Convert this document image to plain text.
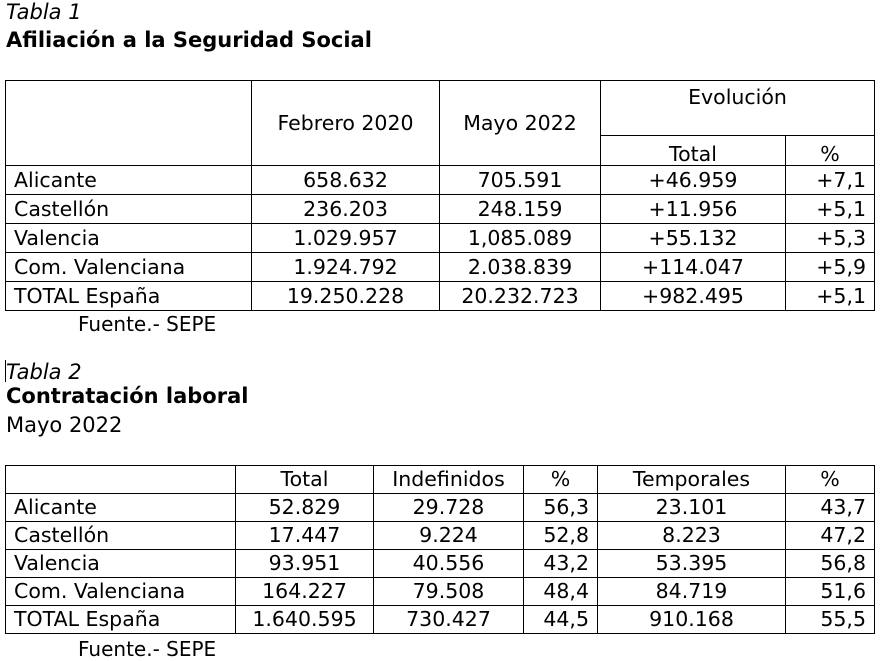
Tabla 1
Afiliación a la Seguridad Social
	Febrero 2020	Mayo 2022	Evolución	
			Total	%
Alicante	658.632	705.591	+46.959	+7,1
Castellón	236.203	248.159	+11.956	+5,1
Valencia	1.029.957	1,085.089	+55.132	+5,3
Com. Valenciana	1.924.792	2.038.839	+114.047	+5,9
TOTAL España	19.250.228	20.232.723	+982.495	+5,1
Fuente.- SEPE
Tabla 2
Contratación laboral
Mayo 2022
	Total	Indefinidos	%	Temporales	%
Alicante	52.829	29.728	56,3	23.101	43,7
Castellón	17.447	9.224	52,8	8.223	47,2
Valencia	93.951	40.556	43,2	53.395	56,8
Com. Valenciana	164.227	79.508	48,4	84.719	51,6
TOTAL España	1.640.595	730.427	44,5	910.168	55,5
Fuente.- SEPE
